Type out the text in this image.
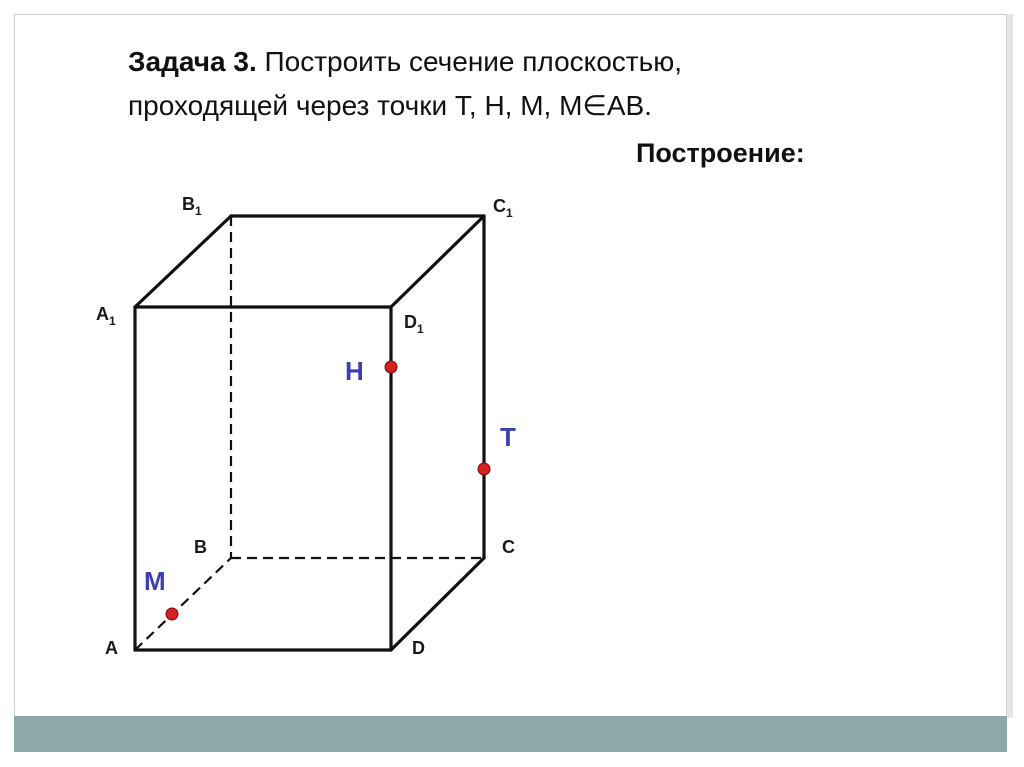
Задача 3. Построить сечение плоскостью,
проходящей через точки Т, Н, М, М∈АВ.
Построение:
$B_1$	$C_1$
$A_1$	$D_1$
B	C
A	D
H
T
M
